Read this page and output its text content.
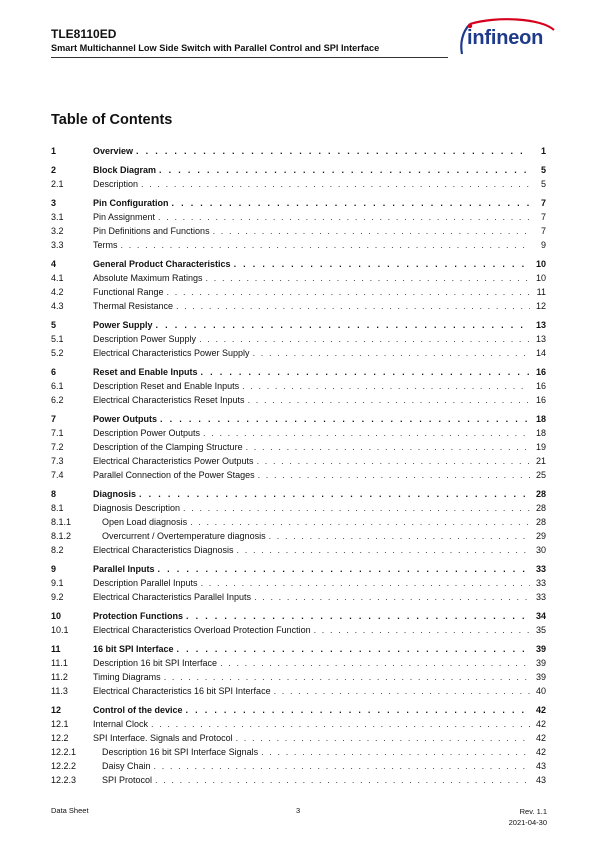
TLE8110ED
Smart Multichannel Low Side Switch with Parallel Control and SPI Interface	infineon
Table of Contents
1	Overview . . .	1
2	Block Diagram . . .	5
2.1	Description . . .	5
3	Pin Configuration . . .	7
3.1	Pin Assignment . . .	7
3.2	Pin Definitions and Functions . . .	7
3.3	Terms . . .	9
4	General Product Characteristics . . .	10
4.1	Absolute Maximum Ratings . . .	10
4.2	Functional Range . . .	11
4.3	Thermal Resistance . . .	12
5	Power Supply . . .	13
5.1	Description Power Supply . . .	13
5.2	Electrical Characteristics Power Supply . . .	14
6	Reset and Enable Inputs . . .	16
6.1	Description Reset and Enable Inputs . . .	16
6.2	Electrical Characteristics Reset Inputs . . .	16
7	Power Outputs . . .	18
7.1	Description Power Outputs . . .	18
7.2	Description of the Clamping Structure . . .	19
7.3	Electrical Characteristics Power Outputs . . .	21
7.4	Parallel Connection of the Power Stages . . .	25
8	Diagnosis . . .	28
8.1	Diagnosis Description . . .	28
8.1.1	Open Load diagnosis . . .	28
8.1.2	Overcurrent / Overtemperature diagnosis . . .	29
8.2	Electrical Characteristics Diagnosis . . .	30
9	Parallel Inputs . . .	33
9.1	Description Parallel Inputs . . .	33
9.2	Electrical Characteristics Parallel Inputs . . .	33
10	Protection Functions . . .	34
10.1	Electrical Characteristics Overload Protection Function . . .	35
11	16 bit SPI Interface . . .	39
11.1	Description 16 bit SPI Interface . . .	39
11.2	Timing Diagrams . . .	39
11.3	Electrical Characteristics 16 bit SPI Interface . . .	40
12	Control of the device . . .	42
12.1	Internal Clock . . .	42
12.2	SPI Interface. Signals and Protocol . . .	42
12.2.1	Description 16 bit SPI Interface Signals . . .	42
12.2.2	Daisy Chain . . .	43
12.2.3	SPI Protocol . . .	43
Data Sheet	3	Rev. 1.1
2021-04-30
